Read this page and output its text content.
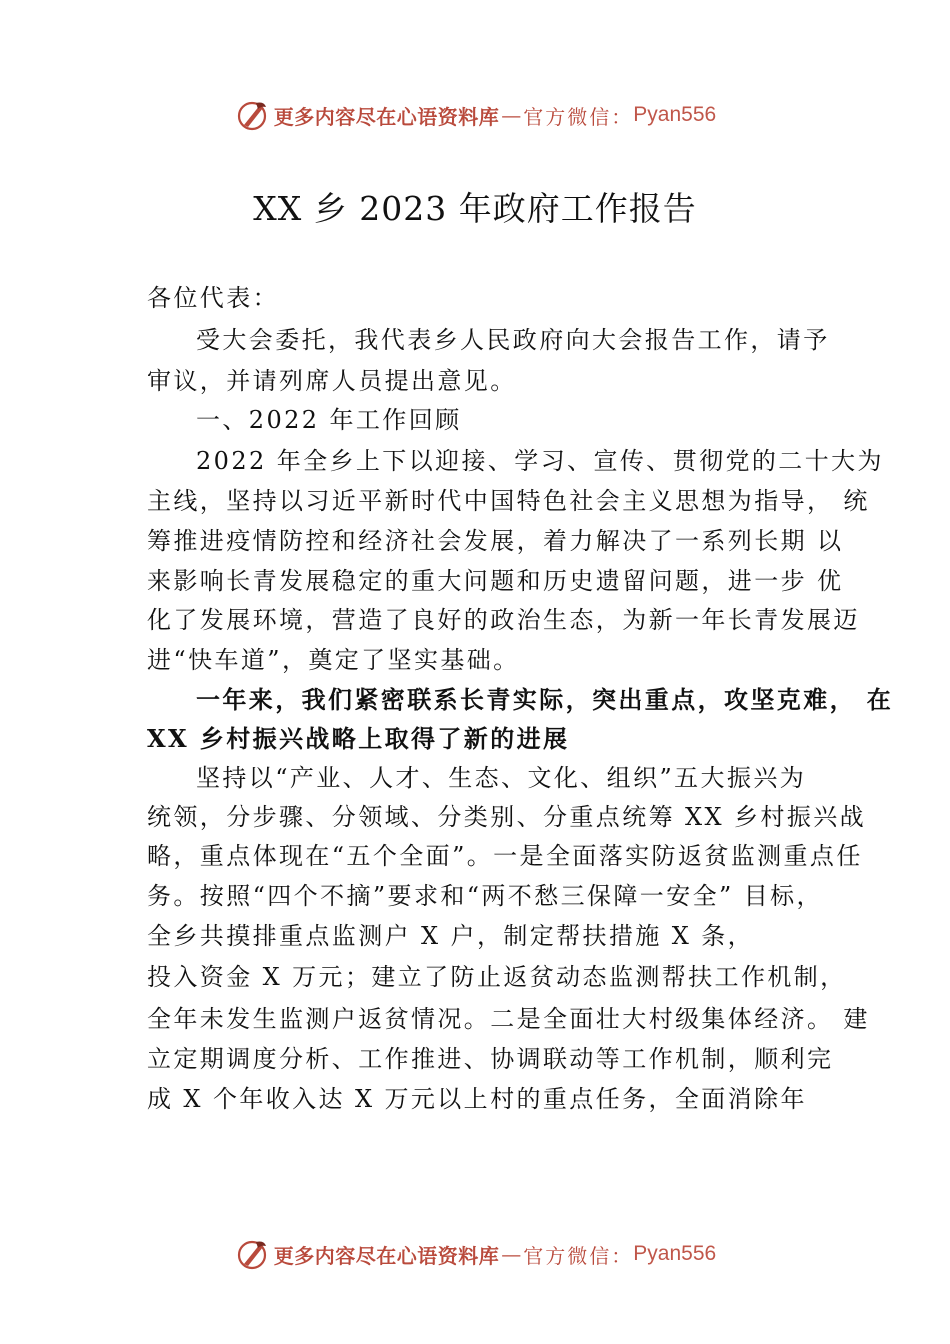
更多内容尽在心语资料库 — 官方微信： Pyan556
XX 乡 2023 年政府工作报告
各位代表：
受大会委托，我代表乡人民政府向大会报告工作，请予
审议，并请列席人员提出意见。
一、2022 年工作回顾
2022 年全乡上下以迎接、学习、宣传、贯彻党的二十大为
主线，坚持以习近平新时代中国特色社会主义思想为指导， 统
筹推进疫情防控和经济社会发展，着力解决了一系列长期 以
来影响长青发展稳定的重大问题和历史遗留问题，进一步 优
化了发展环境，营造了良好的政治生态，为新一年长青发展迈
进“快车道”，奠定了坚实基础。
一年来，我们紧密联系长青实际，突出重点，攻坚克难， 在
XX 乡村振兴战略上取得了新的进展
坚持以“产业、人才、生态、文化、组织”五大振兴为
统领，分步骤、分领域、分类别、分重点统筹 XX 乡村振兴战
略，重点体现在“五个全面”。一是全面落实防返贫监测重点任
务。按照“四个不摘”要求和“两不愁三保障一安全” 目标，
全乡共摸排重点监测户 X 户，制定帮扶措施 X 条，
投入资金 X 万元；建立了防止返贫动态监测帮扶工作机制，
全年未发生监测户返贫情况。二是全面壮大村级集体经济。 建
立定期调度分析、工作推进、协调联动等工作机制，顺利完
成 X 个年收入达 X 万元以上村的重点任务，全面消除年
更多内容尽在心语资料库 — 官方微信： Pyan556
